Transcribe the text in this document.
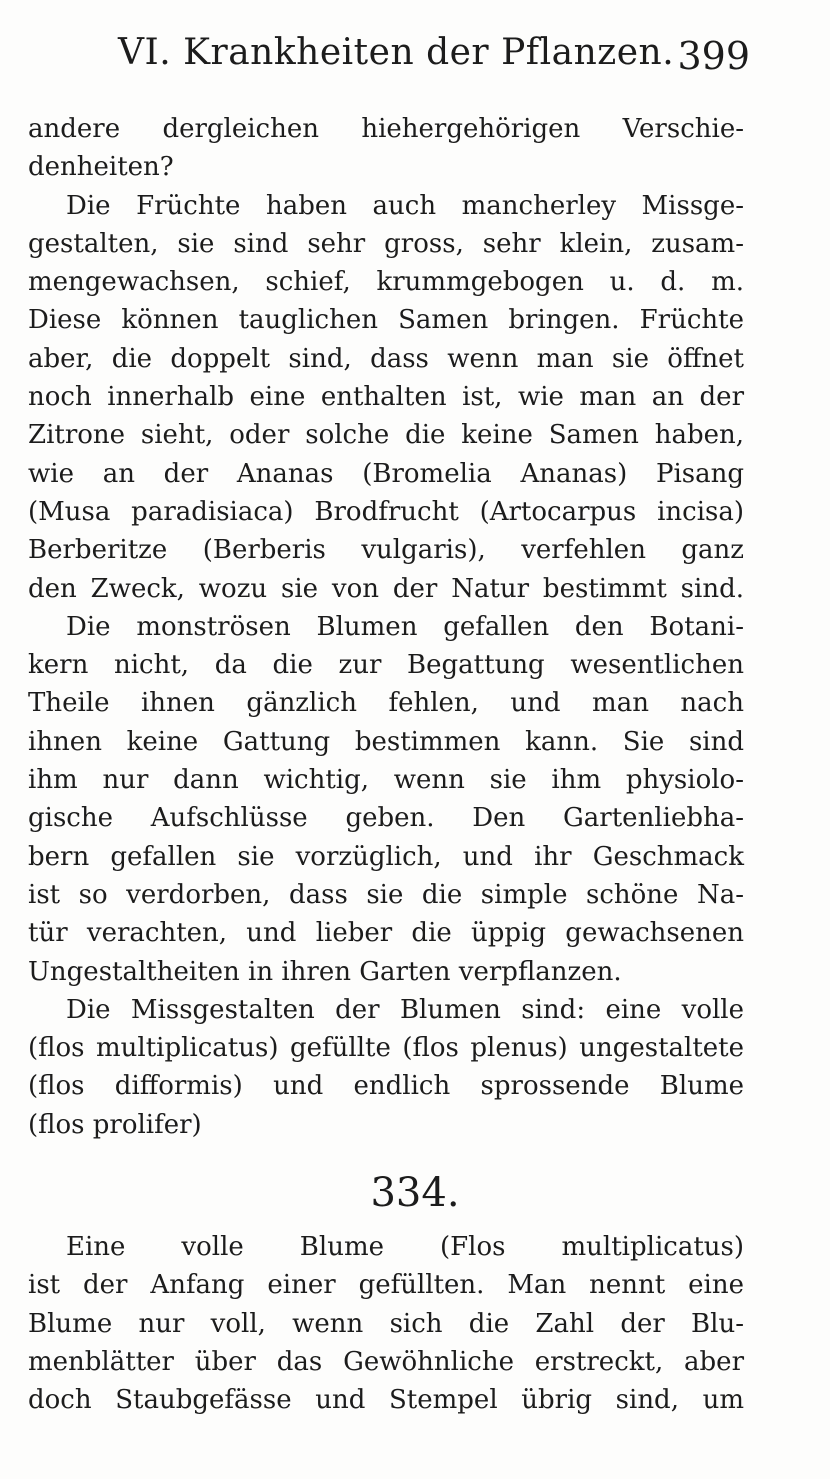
VI. Krankheiten der Pflanzen. 399
andere dergleichen hiehergehörigen Verschie-
denheiten?
Die Früchte haben auch mancherley Missge-
gestalten, sie sind sehr gross, sehr klein, zusam-
mengewachsen, schief, krummgebogen u. d. m.
Diese können tauglichen Samen bringen. Früchte
aber, die doppelt sind, dass wenn man sie öffnet
noch innerhalb eine enthalten ist, wie man an der
Zitrone sieht, oder solche die keine Samen haben,
wie an der Ananas (Bromelia Ananas) Pisang
(Musa paradisiaca) Brodfrucht (Artocarpus incisa)
Berberitze (Berberis vulgaris), verfehlen ganz
den Zweck, wozu sie von der Natur bestimmt sind.
Die monströsen Blumen gefallen den Botani-
kern nicht, da die zur Begattung wesentlichen
Theile ihnen gänzlich fehlen, und man nach
ihnen keine Gattung bestimmen kann. Sie sind
ihm nur dann wichtig, wenn sie ihm physiolo-
gische Aufschlüsse geben. Den Gartenliebha-
bern gefallen sie vorzüglich, und ihr Geschmack
ist so verdorben, dass sie die simple schöne Na-
tür verachten, und lieber die üppig gewachsenen
Ungestaltheiten in ihren Garten verpflanzen.
Die Missgestalten der Blumen sind: eine volle
(flos multiplicatus) gefüllte (flos plenus) ungestaltete
(flos difformis) und endlich sprossende Blume
(flos prolifer)
334.
Eine volle Blume (Flos multiplicatus)
ist der Anfang einer gefüllten. Man nennt eine
Blume nur voll, wenn sich die Zahl der Blu-
menblätter über das Gewöhnliche erstreckt, aber
doch Staubgefässe und Stempel übrig sind, um
